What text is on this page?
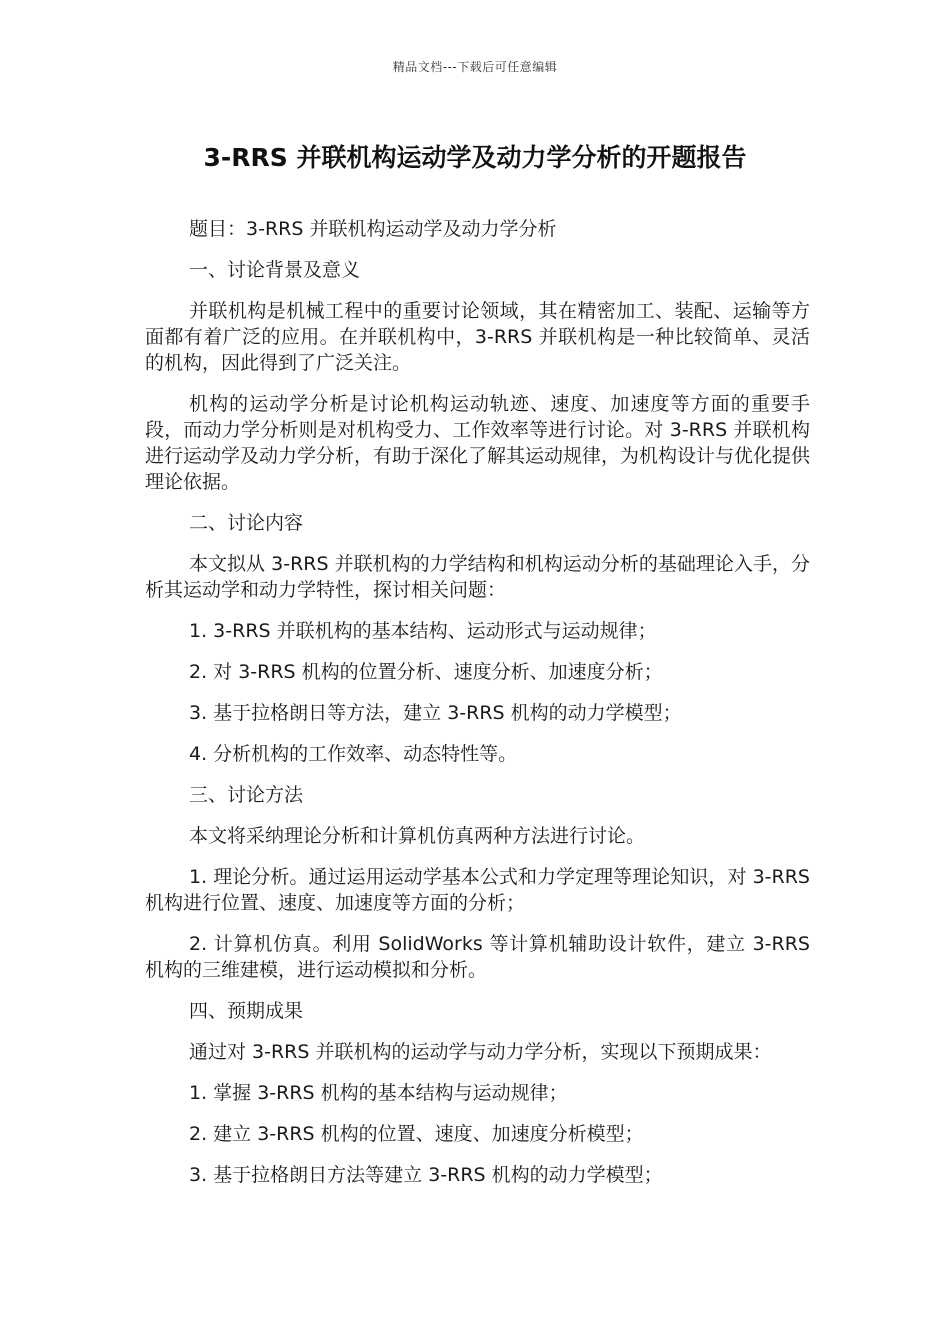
精品文档---下载后可任意编辑
3-RRS 并联机构运动学及动力学分析的开题报告

题目：3-RRS 并联机构运动学及动力学分析

一、讨论背景及意义

并联机构是机械工程中的重要讨论领域，其在精密加工、装配、运输等方面都有着广泛的应用。在并联机构中，3-RRS 并联机构是一种比较简单、灵活的机构，因此得到了广泛关注。

机构的运动学分析是讨论机构运动轨迹、速度、加速度等方面的重要手段，而动力学分析则是对机构受力、工作效率等进行讨论。对 3-RRS 并联机构进行运动学及动力学分析，有助于深化了解其运动规律，为机构设计与优化提供理论依据。

二、讨论内容

本文拟从 3-RRS 并联机构的力学结构和机构运动分析的基础理论入手，分析其运动学和动力学特性，探讨相关问题：

1. 3-RRS 并联机构的基本结构、运动形式与运动规律；

2. 对 3-RRS 机构的位置分析、速度分析、加速度分析；

3. 基于拉格朗日等方法，建立 3-RRS 机构的动力学模型；

4. 分析机构的工作效率、动态特性等。

三、讨论方法

本文将采纳理论分析和计算机仿真两种方法进行讨论。

1. 理论分析。通过运用运动学基本公式和力学定理等理论知识，对 3-RRS 机构进行位置、速度、加速度等方面的分析；

2. 计算机仿真。利用 SolidWorks 等计算机辅助设计软件，建立 3-RRS 机构的三维建模，进行运动模拟和分析。

四、预期成果

通过对 3-RRS 并联机构的运动学与动力学分析，实现以下预期成果：

1. 掌握 3-RRS 机构的基本结构与运动规律；

2. 建立 3-RRS 机构的位置、速度、加速度分析模型；

3. 基于拉格朗日方法等建立 3-RRS 机构的动力学模型；
